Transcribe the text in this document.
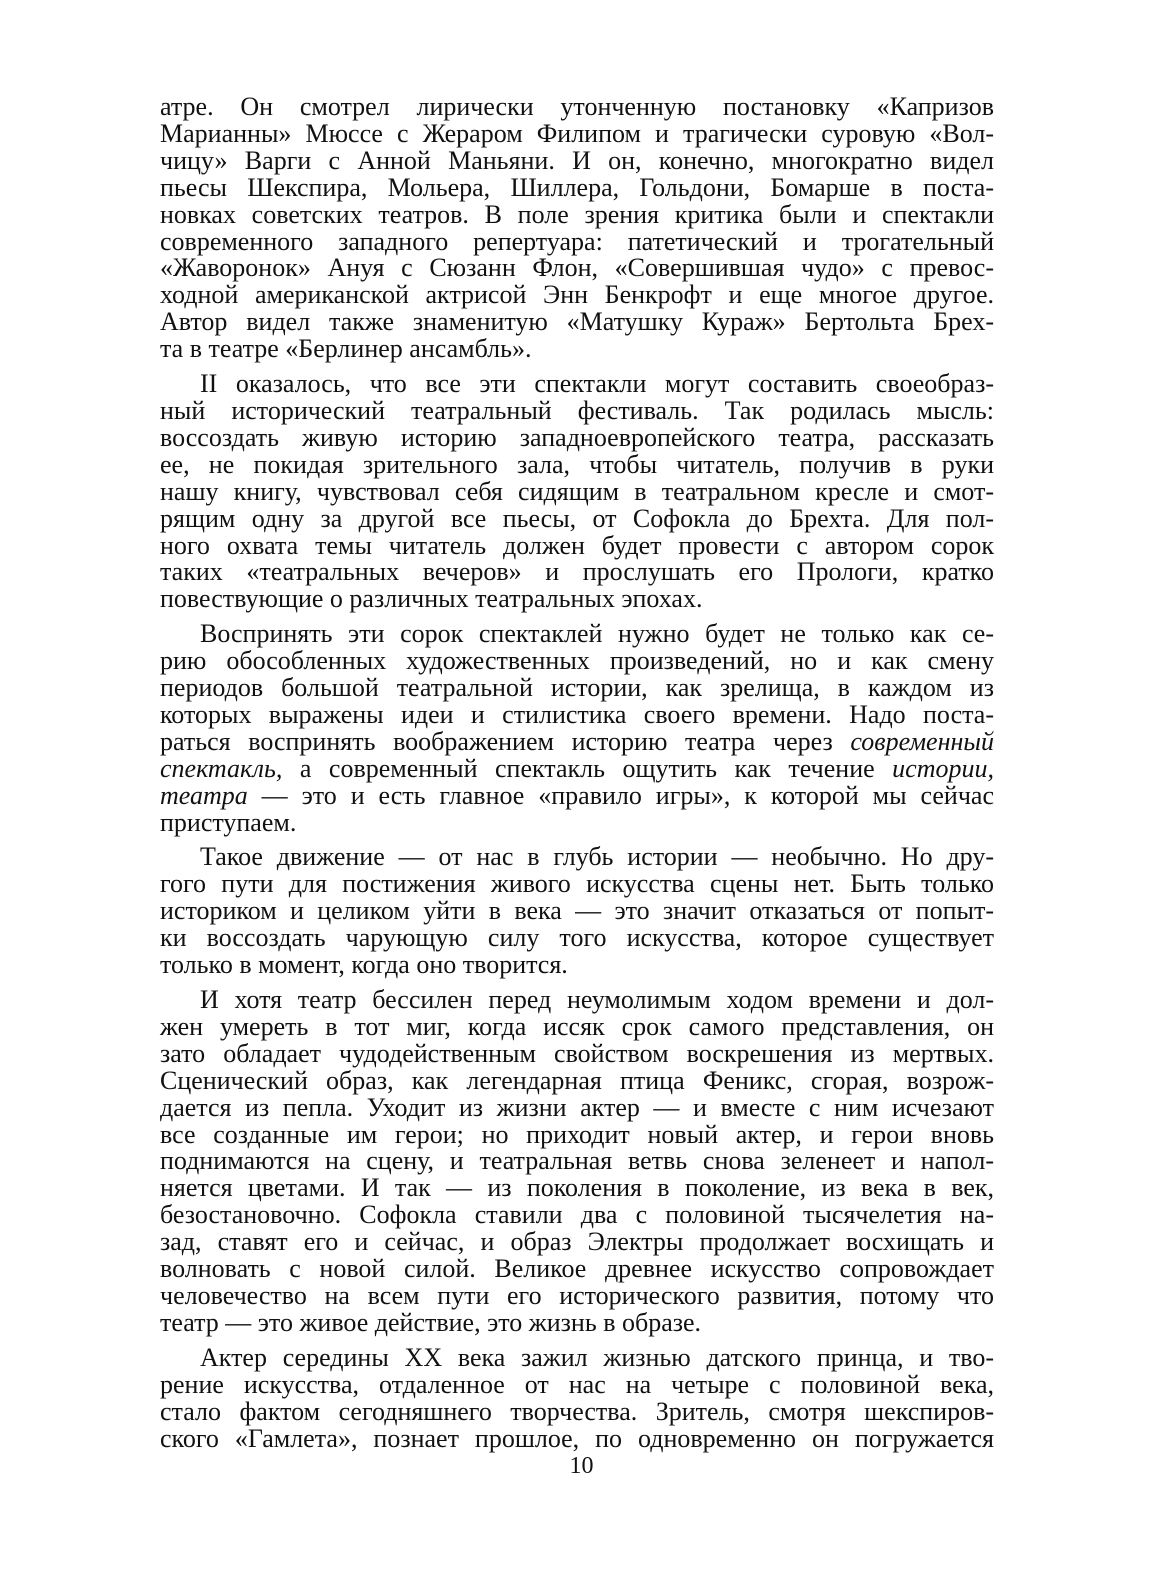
атре. Он смотрел лирически утонченную постановку «Капризов
Марианны» Мюссе с Жераром Филипом и трагически суровую «Вол-
чицу» Варги с Анной Маньяни. И он, конечно, многократно видел
пьесы Шекспира, Мольера, Шиллера, Гольдони, Бомарше в поста-
новках советских театров. В поле зрения критика были и спектакли
современного западного репертуара: патетический и трогательный
«Жаворонок» Ануя с Сюзанн Флон, «Совершившая чудо» с превос-
ходной американской актрисой Энн Бенкрофт и еще многое другое.
Автор видел также знаменитую «Матушку Кураж» Бертольта Брех-
та в театре «Берлинер ансамбль».
II оказалось, что все эти спектакли могут составить своеобраз-
ный исторический театральный фестиваль. Так родилась мысль:
воссоздать живую историю западноевропейского театра, рассказать
ее, не покидая зрительного зала, чтобы читатель, получив в руки
нашу книгу, чувствовал себя сидящим в театральном кресле и смот-
рящим одну за другой все пьесы, от Софокла до Брехта. Для пол-
ного охвата темы читатель должен будет провести с автором сорок
таких «театральных вечеров» и прослушать его Прологи, кратко
повествующие о различных театральных эпохах.
Воспринять эти сорок спектаклей нужно будет не только как се-
рию обособленных художественных произведений, но и как смену
периодов большой театральной истории, как зрелища, в каждом из
которых выражены идеи и стилистика своего времени. Надо поста-
раться воспринять воображением историю театра через современный
спектакль, а современный спектакль ощутить как течение истории,
театра — это и есть главное «правило игры», к которой мы сейчас
приступаем.
Такое движение — от нас в глубь истории — необычно. Но дру-
гого пути для постижения живого искусства сцены нет. Быть только
историком и целиком уйти в века — это значит отказаться от попыт-
ки воссоздать чарующую силу того искусства, которое существует
только в момент, когда оно творится.
И хотя театр бессилен перед неумолимым ходом времени и дол-
жен умереть в тот миг, когда иссяк срок самого представления, он
зато обладает чудодейственным свойством воскрешения из мертвых.
Сценический образ, как легендарная птица Феникс, сгорая, возрож-
дается из пепла. Уходит из жизни актер — и вместе с ним исчезают
все созданные им герои; но приходит новый актер, и герои вновь
поднимаются на сцену, и театральная ветвь снова зеленеет и напол-
няется цветами. И так — из поколения в поколение, из века в век,
безостановочно. Софокла ставили два с половиной тысячелетия на-
зад, ставят его и сейчас, и образ Электры продолжает восхищать и
волновать с новой силой. Великое древнее искусство сопровождает
человечество на всем пути его исторического развития, потому что
театр — это живое действие, это жизнь в образе.
Актер середины XX века зажил жизнью датского принца, и тво-
рение искусства, отдаленное от нас на четыре с половиной века,
стало фактом сегодняшнего творчества. Зритель, смотря шекспиров-
ского «Гамлета», познает прошлое, по одновременно он погружается
10
